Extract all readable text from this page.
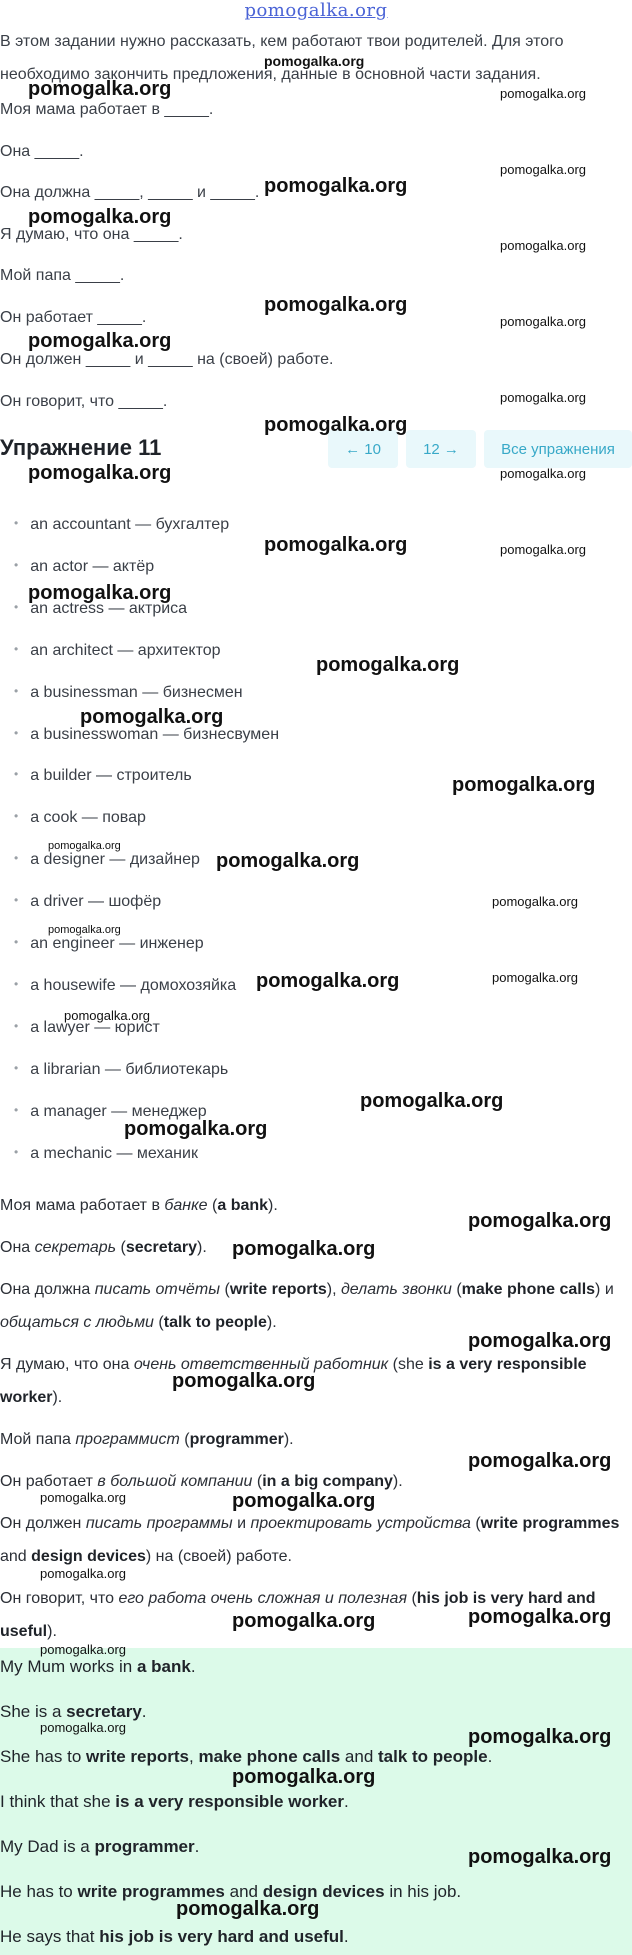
pomogalka.org
В этом задании нужно рассказать, кем работают твои родителей. Для этого
необходимо закончить предложения, данные в основной части задания.
Моя мама работает в _____.
Она _____.
Она должна _____, _____ и _____.
Я думаю, что она _____.
Мой папа _____.
Он работает _____.
Он должен _____ и _____ на (своей) работе.
Он говорит, что _____.
Упражнение 11	← 10	12 →	Все упражнения
• an accountant — бухгалтер
• an actor — актёр
• an actress — актриса
• an architect — архитектор
• a businessman — бизнесмен
• a businesswoman — бизнесвумен
• a builder — строитель
• a cook — повар
• a designer — дизайнер
• a driver — шофёр
• an engineer — инженер
• a housewife — домохозяйка
• a lawyer — юрист
• a librarian — библиотекарь
• a manager — менеджер
• a mechanic — механик
Моя мама работает в банке (a bank).
Она секретарь (secretary).
Она должна писать отчёты (write reports), делать звонки (make phone calls) и
общаться с людьми (talk to people).
Я думаю, что она очень ответственный работник (she is a very responsible
worker).
Мой папа программист (programmer).
Он работает в большой компании (in a big company).
Он должен писать программы и проектировать устройства (write programmes
and design devices) на (своей) работе.
Он говорит, что его работа очень сложная и полезная (his job is very hard and
useful).
My Mum works in a bank.
She is a secretary.
She has to write reports, make phone calls and talk to people.
I think that she is a very responsible worker.
My Dad is a programmer.
He has to write programmes and design devices in his job.
He says that his job is very hard and useful.
pomogalka.org
pomogalka.org	pomogalka.org
pomogalka.org
pomogalka.org
pomogalka.org
pomogalka.org
pomogalka.org
pomogalka.org
pomogalka.org
pomogalka.org
pomogalka.org
pomogalka.org
pomogalka.org
pomogalka.org	pomogalka.org
pomogalka.org
pomogalka.org
pomogalka.org
pomogalka.org
pomogalka.org
pomogalka.org
pomogalka.org
pomogalka.org
pomogalka.org
pomogalka.org
pomogalka.org
pomogalka.org
pomogalka.org
pomogalka.org
pomogalka.org
pomogalka.org
pomogalka.org
pomogalka.org
pomogalka.org	pomogalka.org
pomogalka.org
pomogalka.org
pomogalka.org
pomogalka.org
pomogalka.org	pomogalka.org
pomogalka.org
pomogalka.org
pomogalka.org
